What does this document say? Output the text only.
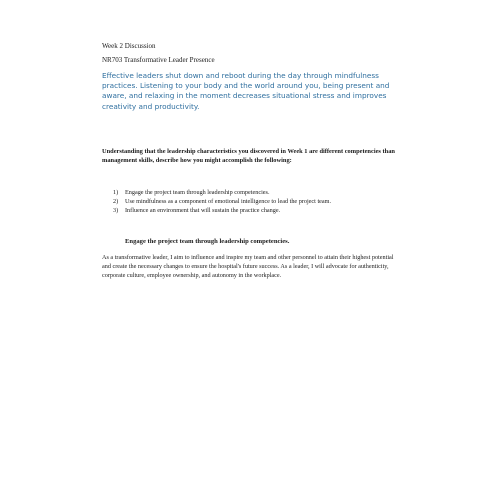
Week 2 Discussion

NR703 Transformative Leader Presence

Effective leaders shut down and reboot during the day through mindfulness practices. Listening to your body and the world around you, being present and aware, and relaxing in the moment decreases situational stress and improves creativity and productivity.

Understanding that the leadership characteristics you discovered in Week 1 are different competencies than management skills, describe how you might accomplish the following:

1)	Engage the project team through leadership competencies.
2)	Use mindfulness as a component of emotional intelligence to lead the project team.
3)	Influence an environment that will sustain the practice change.

Engage the project team through leadership competencies.

As a transformative leader, I aim to influence and inspire my team and other personnel to attain their highest potential and create the necessary changes to ensure the hospital's future success. As a leader, I will advocate for authenticity, corporate culture, employee ownership, and autonomy in the workplace.
